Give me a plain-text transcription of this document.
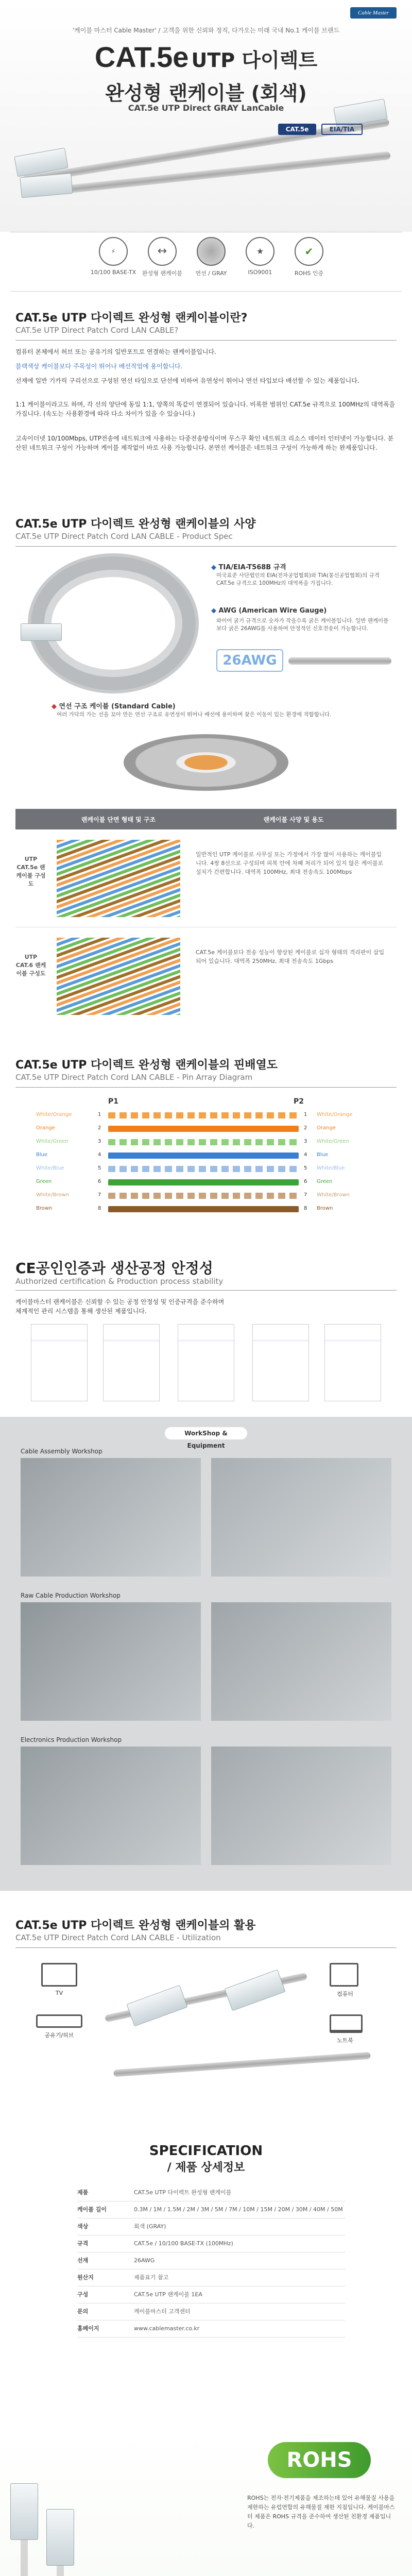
Cable Master
'케이블 마스터 Cable Master' / 고객을 위한 신뢰와 정직, 다가오는 미래 국내 No.1 케이블 브랜드
CAT.5e UTP 다이렉트
완성형 랜케이블 (회색)
CAT.5e UTP Direct GRAY LanCable
CAT.5e	EIA/TIA
⚡
10/100 BASE-TX
↔
완성형 랜케이블	연선 / GRAY
★
ISO9001
✔
ROHS 인증
CAT.5e UTP 다이렉트 완성형 랜케이블이란?
CAT.5e UTP Direct Patch Cord LAN CABLE?
컴퓨터 본체에서 허브 또는 공유기의 일반포트로 연결하는 랜케이블입니다.
블랙색상 케이블보다 주목성이 뛰어나 배선작업에 용이합니다.
선재에 일반 기카릭 구리선으로 구성된 연선 타입으로 단선에 비하여 유연성이 뛰어나 연선 타입보다 배선할 수 있는 제품입니다.
1:1 케이블이라고도 하며, 각 선의 양단에 동일 1:1, 양쪽의 똑같이 연결되어 있습니다. 비록한 범위인 CAT.5e 규격으로 100MHz의 대역폭을 가집니다. (속도는 사용환경에 따라 다소 차이가 있을 수 있습니다.)
고속이더넷 10/100Mbps, UTP전송에 네트워크에 사용하는 다중전송방식이며 무스쿠 확인 네트워크 리소스 데이터 인터넷이 가능합니다. 분산된 네트워크 구성이 가능하며 케이블 제작없이 바로 사용 가능합니다. 본연선 케이블은 네트워크 구성이 가능하게 하는 완제품입니다.
CAT.5e UTP 다이렉트 완성형 랜케이블의 사양
CAT.5e UTP Direct Patch Cord LAN CABLE - Product Spec
◆ TIA/EIA-T568B 규격
미국표준 사단법인의 EIA(전자공업협회)와 TIA(통신공업협회)의 규격 CAT.5e 규격으로 100MHz의 대역폭을 가집니다.
◆ AWG (American Wire Gauge)
와이어 굵기 규격으로 숫자가 작을수록 굵은 케이블입니다. 일반 랜케이블보다 굵은 26AWG를 사용하여 안정적인 신호전송이 가능합니다.
26AWG
◆ 연선 구조 케이블 (Standard Cable)
여러 가닥의 가는 선을 꼬아 만든 연선 구조로 유연성이 뛰어나 배선에 용이하며 잦은 이동이 있는 환경에 적합합니다.
랜케이블 단면 형태 및 구조	랜케이블 사양 및 용도
UTP CAT.5e 랜케이블 구성도
일반적인 UTP 케이블로 사무실 또는 가정에서 가장 많이 사용하는 케이블입니다. 4쌍 8선으로 구성되며 피복 안에 차폐 처리가 되어 있지 않은 케이블로 설치가 간편합니다. 대역폭 100MHz, 최대 전송속도 100Mbps
UTP CAT.6 랜케이블 구성도
CAT.5e 케이블보다 전송 성능이 향상된 케이블로 십자 형태의 격리판이 삽입되어 있습니다. 대역폭 250MHz, 최대 전송속도 1Gbps
CAT.5e UTP 다이렉트 완성형 랜케이블의 핀배열도
CAT.5e UTP Direct Patch Cord LAN CABLE - Pin Array Diagram
P1	P2
White/Orange	1	1 White/Orange
Orange	2	2 Orange
White/Green	3	3 White/Green
Blue	4	4 Blue
White/Blue	5	5 White/Blue
Green	6	6 Green
White/Brown	7	7 White/Brown
Brown	8	8 Brown
CE공인인증과 생산공정 안정성
Authorized certification & Production process stability
케이블마스터 랜케이블은 신뢰할 수 있는 공정 안정성 및 인증규격을 준수하며
체계적인 관리 시스템을 통해 생산된 제품입니다.
WorkShop & Equipment
Cable Assembly Workshop
Raw Cable Production Workshop
Electronics Production Workshop
CAT.5e UTP 다이렉트 완성형 랜케이블의 활용
CAT.5e UTP Direct Patch Cord LAN CABLE - Utilization
TV
공유기/허브
컴퓨터
노트북
SPECIFICATION
/ 제품 상세정보
제품	CAT.5e UTP 다이렉트 완성형 랜케이블
케이블 길이	0.3M / 1M / 1.5M / 2M / 3M / 5M / 7M / 10M / 15M / 20M / 30M / 40M / 50M
색상	회색 (GRAY)
규격	CAT.5e / 10/100 BASE-TX (100MHz)
선재	26AWG
원산지	제품표기 참고
구성	CAT.5e UTP 랜케이블 1EA
문의	케이블마스터 고객센터
홈페이지	www.cablemaster.co.kr
ROHS
ROHS는 전자·전기제품을 제조하는데 있어 유해물질 사용을 제한하는 유럽연합의 유해물질 제한 지침입니다. 케이블마스터 제품은 ROHS 규격을 준수하여 생산된 친환경 제품입니다.
